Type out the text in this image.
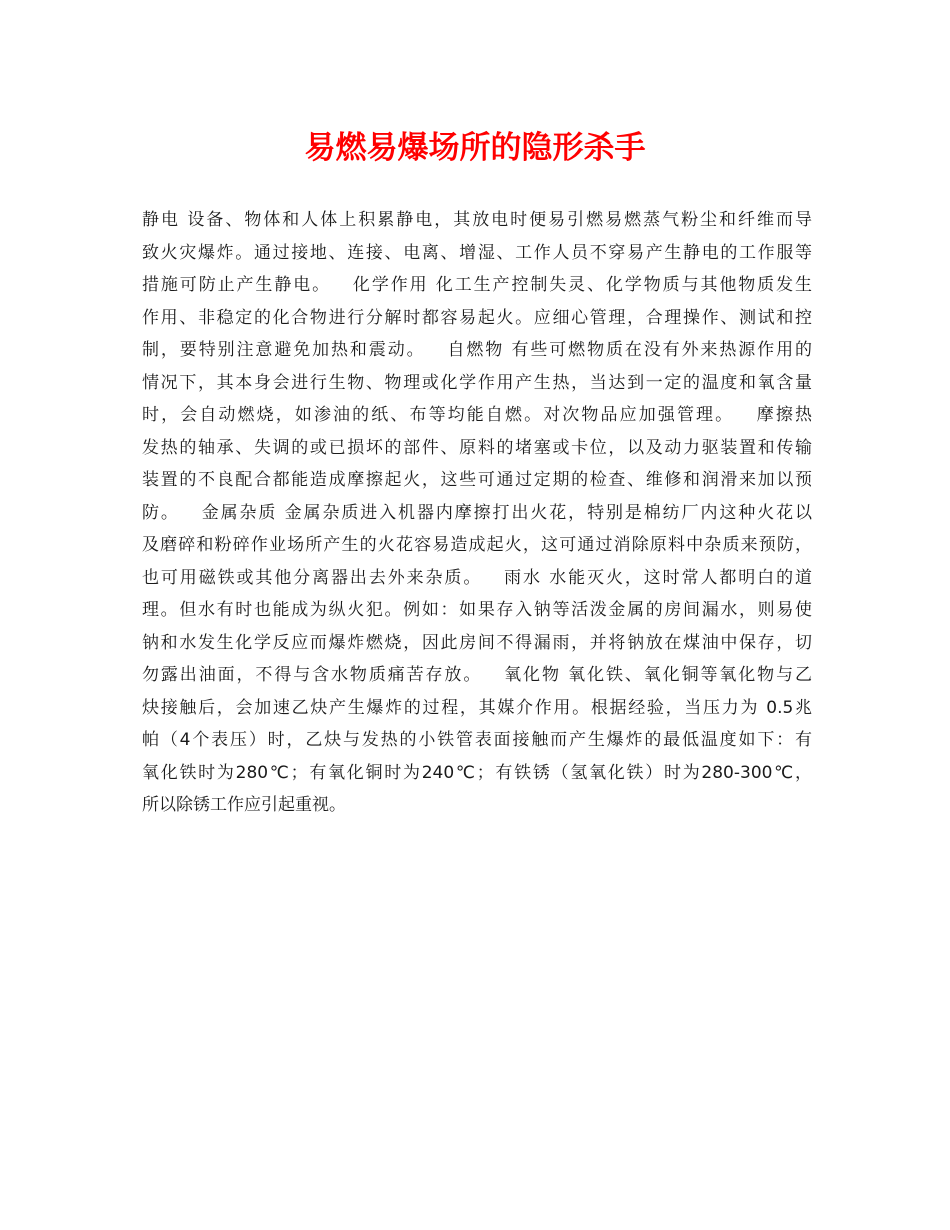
易燃易爆场所的隐形杀手
静电 设备、物体和人体上积累静电，其放电时便易引燃易燃蒸气粉尘和纤维而导
致火灾爆炸。通过接地、连接、电离、增湿、工作人员不穿易产生静电的工作服等
措施可防止产生静电。   化学作用 化工生产控制失灵、化学物质与其他物质发生
作用、非稳定的化合物进行分解时都容易起火。应细心管理，合理操作、测试和控
制，要特别注意避免加热和震动。   自燃物 有些可燃物质在没有外来热源作用的
情况下，其本身会进行生物、物理或化学作用产生热，当达到一定的温度和氧含量
时，会自动燃烧，如渗油的纸、布等均能自燃。对次物品应加强管理。   摩擦热
发热的轴承、失调的或已损坏的部件、原料的堵塞或卡位，以及动力驱装置和传输
装置的不良配合都能造成摩擦起火，这些可通过定期的检查、维修和润滑来加以预
防。   金属杂质 金属杂质进入机器内摩擦打出火花，特别是棉纺厂内这种火花以
及磨碎和粉碎作业场所产生的火花容易造成起火，这可通过消除原料中杂质来预防，
也可用磁铁或其他分离器出去外来杂质。   雨水 水能灭火，这时常人都明白的道
理。但水有时也能成为纵火犯。例如：如果存入钠等活泼金属的房间漏水，则易使
钠和水发生化学反应而爆炸燃烧，因此房间不得漏雨，并将钠放在煤油中保存，切
勿露出油面，不得与含水物质痛苦存放。   氧化物 氧化铁、氧化铜等氧化物与乙
炔接触后，会加速乙炔产生爆炸的过程，其媒介作用。根据经验，当压力为 0.5兆
帕（4个表压）时，乙炔与发热的小铁管表面接触而产生爆炸的最低温度如下：有
氧化铁时为280℃；有氧化铜时为240℃；有铁锈（氢氧化铁）时为280-300℃，
所以除锈工作应引起重视。
